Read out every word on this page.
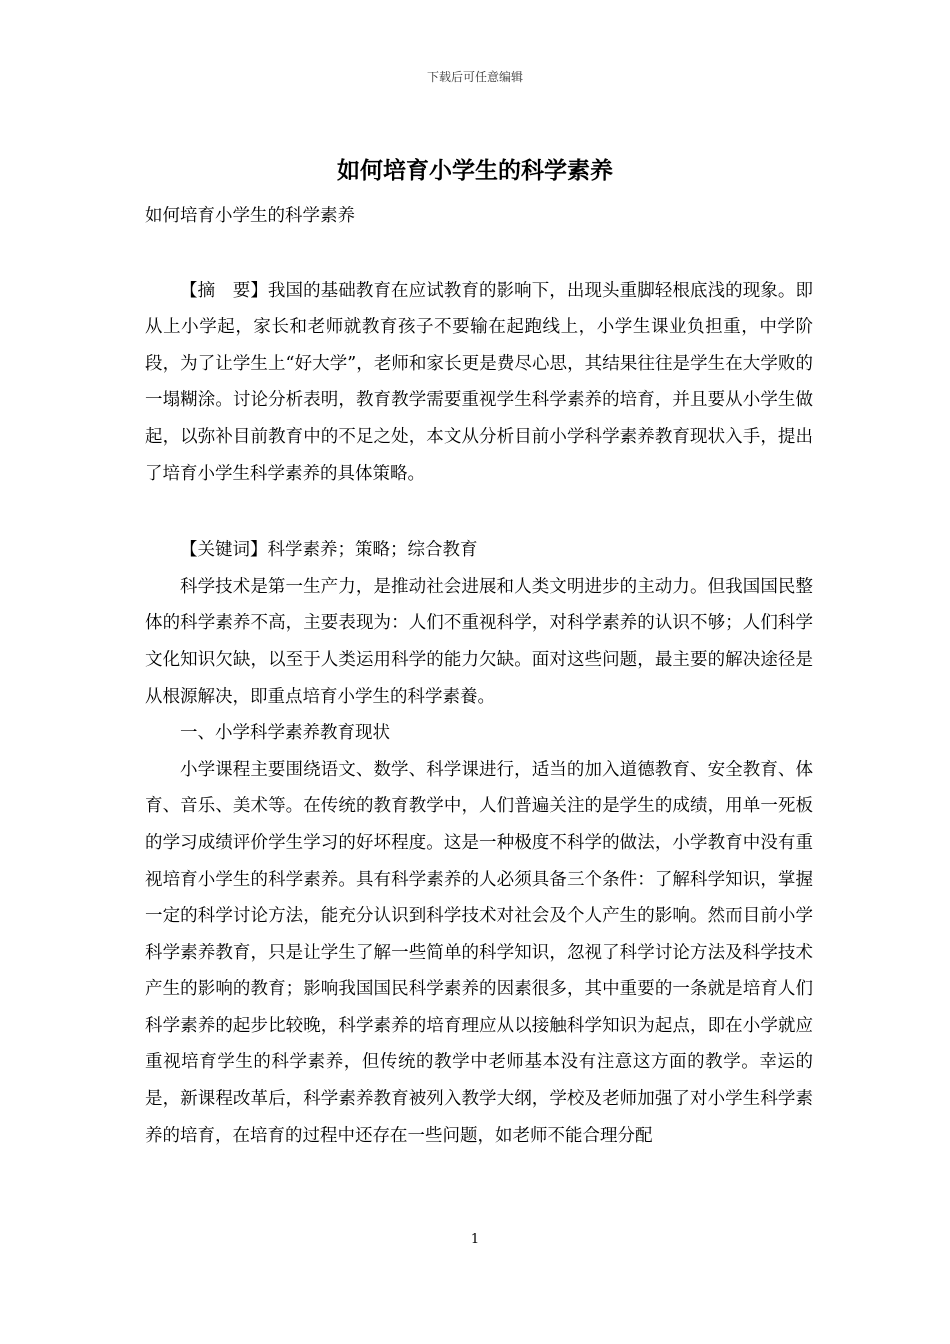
下载后可任意编辑
如何培育小学生的科学素养

如何培育小学生的科学素养

【摘　要】我国的基础教育在应试教育的影响下，出现头重脚轻根底浅的现象。即从上小学起，家长和老师就教育孩子不要输在起跑线上，小学生课业负担重，中学阶段，为了让学生上“好大学”，老师和家长更是费尽心思，其结果往往是学生在大学败的一塌糊涂。讨论分析表明，教育教学需要重视学生科学素养的培育，并且要从小学生做起，以弥补目前教育中的不足之处，本文从分析目前小学科学素养教育现状入手，提出了培育小学生科学素养的具体策略。

【关键词】科学素养；策略；综合教育

科学技术是第一生产力，是推动社会进展和人类文明进步的主动力。但我国国民整体的科学素养不高，主要表现为：人们不重视科学，对科学素养的认识不够；人们科学文化知识欠缺，以至于人类运用科学的能力欠缺。面对这些问题，最主要的解决途径是从根源解决，即重点培育小学生的科学素養。

一、小学科学素养教育现状

小学课程主要围绕语文、数学、科学课进行，适当的加入道德教育、安全教育、体育、音乐、美术等。在传统的教育教学中，人们普遍关注的是学生的成绩，用单一死板的学习成绩评价学生学习的好坏程度。这是一种极度不科学的做法，小学教育中没有重视培育小学生的科学素养。具有科学素养的人必须具备三个条件：了解科学知识，掌握一定的科学讨论方法，能充分认识到科学技术对社会及个人产生的影响。然而目前小学科学素养教育，只是让学生了解一些简单的科学知识，忽视了科学讨论方法及科学技术产生的影响的教育；影响我国国民科学素养的因素很多，其中重要的一条就是培育人们科学素养的起步比较晚，科学素养的培育理应从以接触科学知识为起点，即在小学就应重视培育学生的科学素养，但传统的教学中老师基本没有注意这方面的教学。幸运的是，新课程改革后，科学素养教育被列入教学大纲，学校及老师加强了对小学生科学素养的培育，在培育的过程中还存在一些问题，如老师不能合理分配

1
